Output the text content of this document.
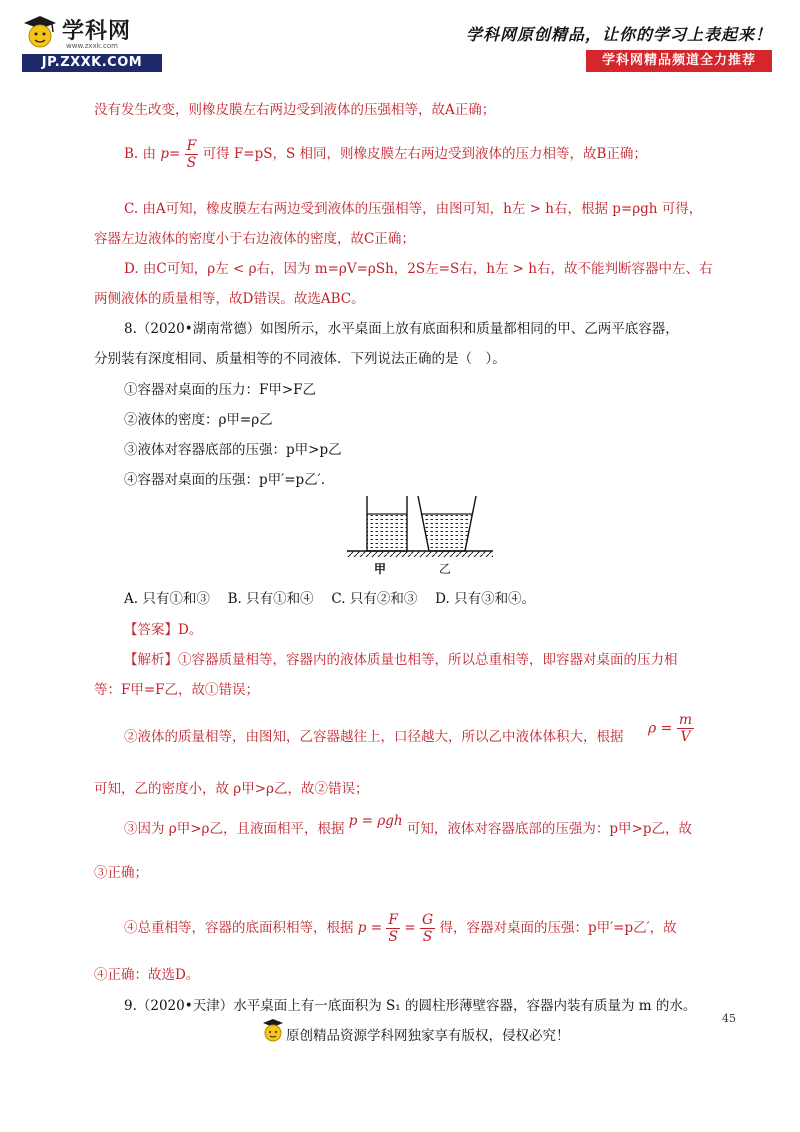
学科网
www.zxxk.com
JP.ZXXK.COM
学科网原创精品，让你的学习上表起来！
学科网精品频道全力推荐
没有发生改变，则橡皮膜左右两边受到液体的压强相等，故A正确；
B. 由 $p= \frac{F}{S}$ 可得 F=pS，S 相同，则橡皮膜左右两边受到液体的压力相等，故B正确；
C. 由A可知，橡皮膜左右两边受到液体的压强相等，由图可知，h左 > h右，根据 p=ρgh 可得，
容器左边液体的密度小于右边液体的密度，故C正确；
D. 由C可知，ρ左 < ρ右，因为 m=ρV=ρSh，2S左=S右，h左 > h右，故不能判断容器中左、右
两侧液体的质量相等，故D错误。故选ABC。
8.（2020•湖南常德）如图所示，水平桌面上放有底面积和质量都相同的甲、乙两平底容器，
分别装有深度相同、质量相等的不同液体．下列说法正确的是（　）。
①容器对桌面的压力：F甲>F乙
②液体的密度：ρ甲=ρ乙
③液体对容器底部的压强：p甲>p乙
④容器对桌面的压强：p甲′=p乙′.
甲	乙
A. 只有①和③　 B. 只有①和④　 C. 只有②和③　 D. 只有③和④。
【答案】D。
【解析】①容器质量相等，容器内的液体质量也相等，所以总重相等，即容器对桌面的压力相
等：F甲=F乙，故①错误；
②液体的质量相等，由图知，乙容器越往上，口径越大，所以乙中液体体积大，根据
$\rho = \frac{m}{V}$
可知，乙的密度小，故 ρ甲>ρ乙，故②错误；
③因为 ρ甲>ρ乙，且液面相平，根据 p = ρgh 可知，液体对容器底部的压强为：p甲>p乙，故
③正确；
④总重相等，容器的底面积相等，根据 $p = \frac{F}{S} = \frac{G}{S}$ 得，容器对桌面的压强：p甲′=p乙′，故
④正确：故选D。
9.（2020•天津）水平桌面上有一底面积为 S₁ 的圆柱形薄壁容器，容器内装有质量为 m 的水。
45
原创精品资源学科网独家享有版权，侵权必究！
